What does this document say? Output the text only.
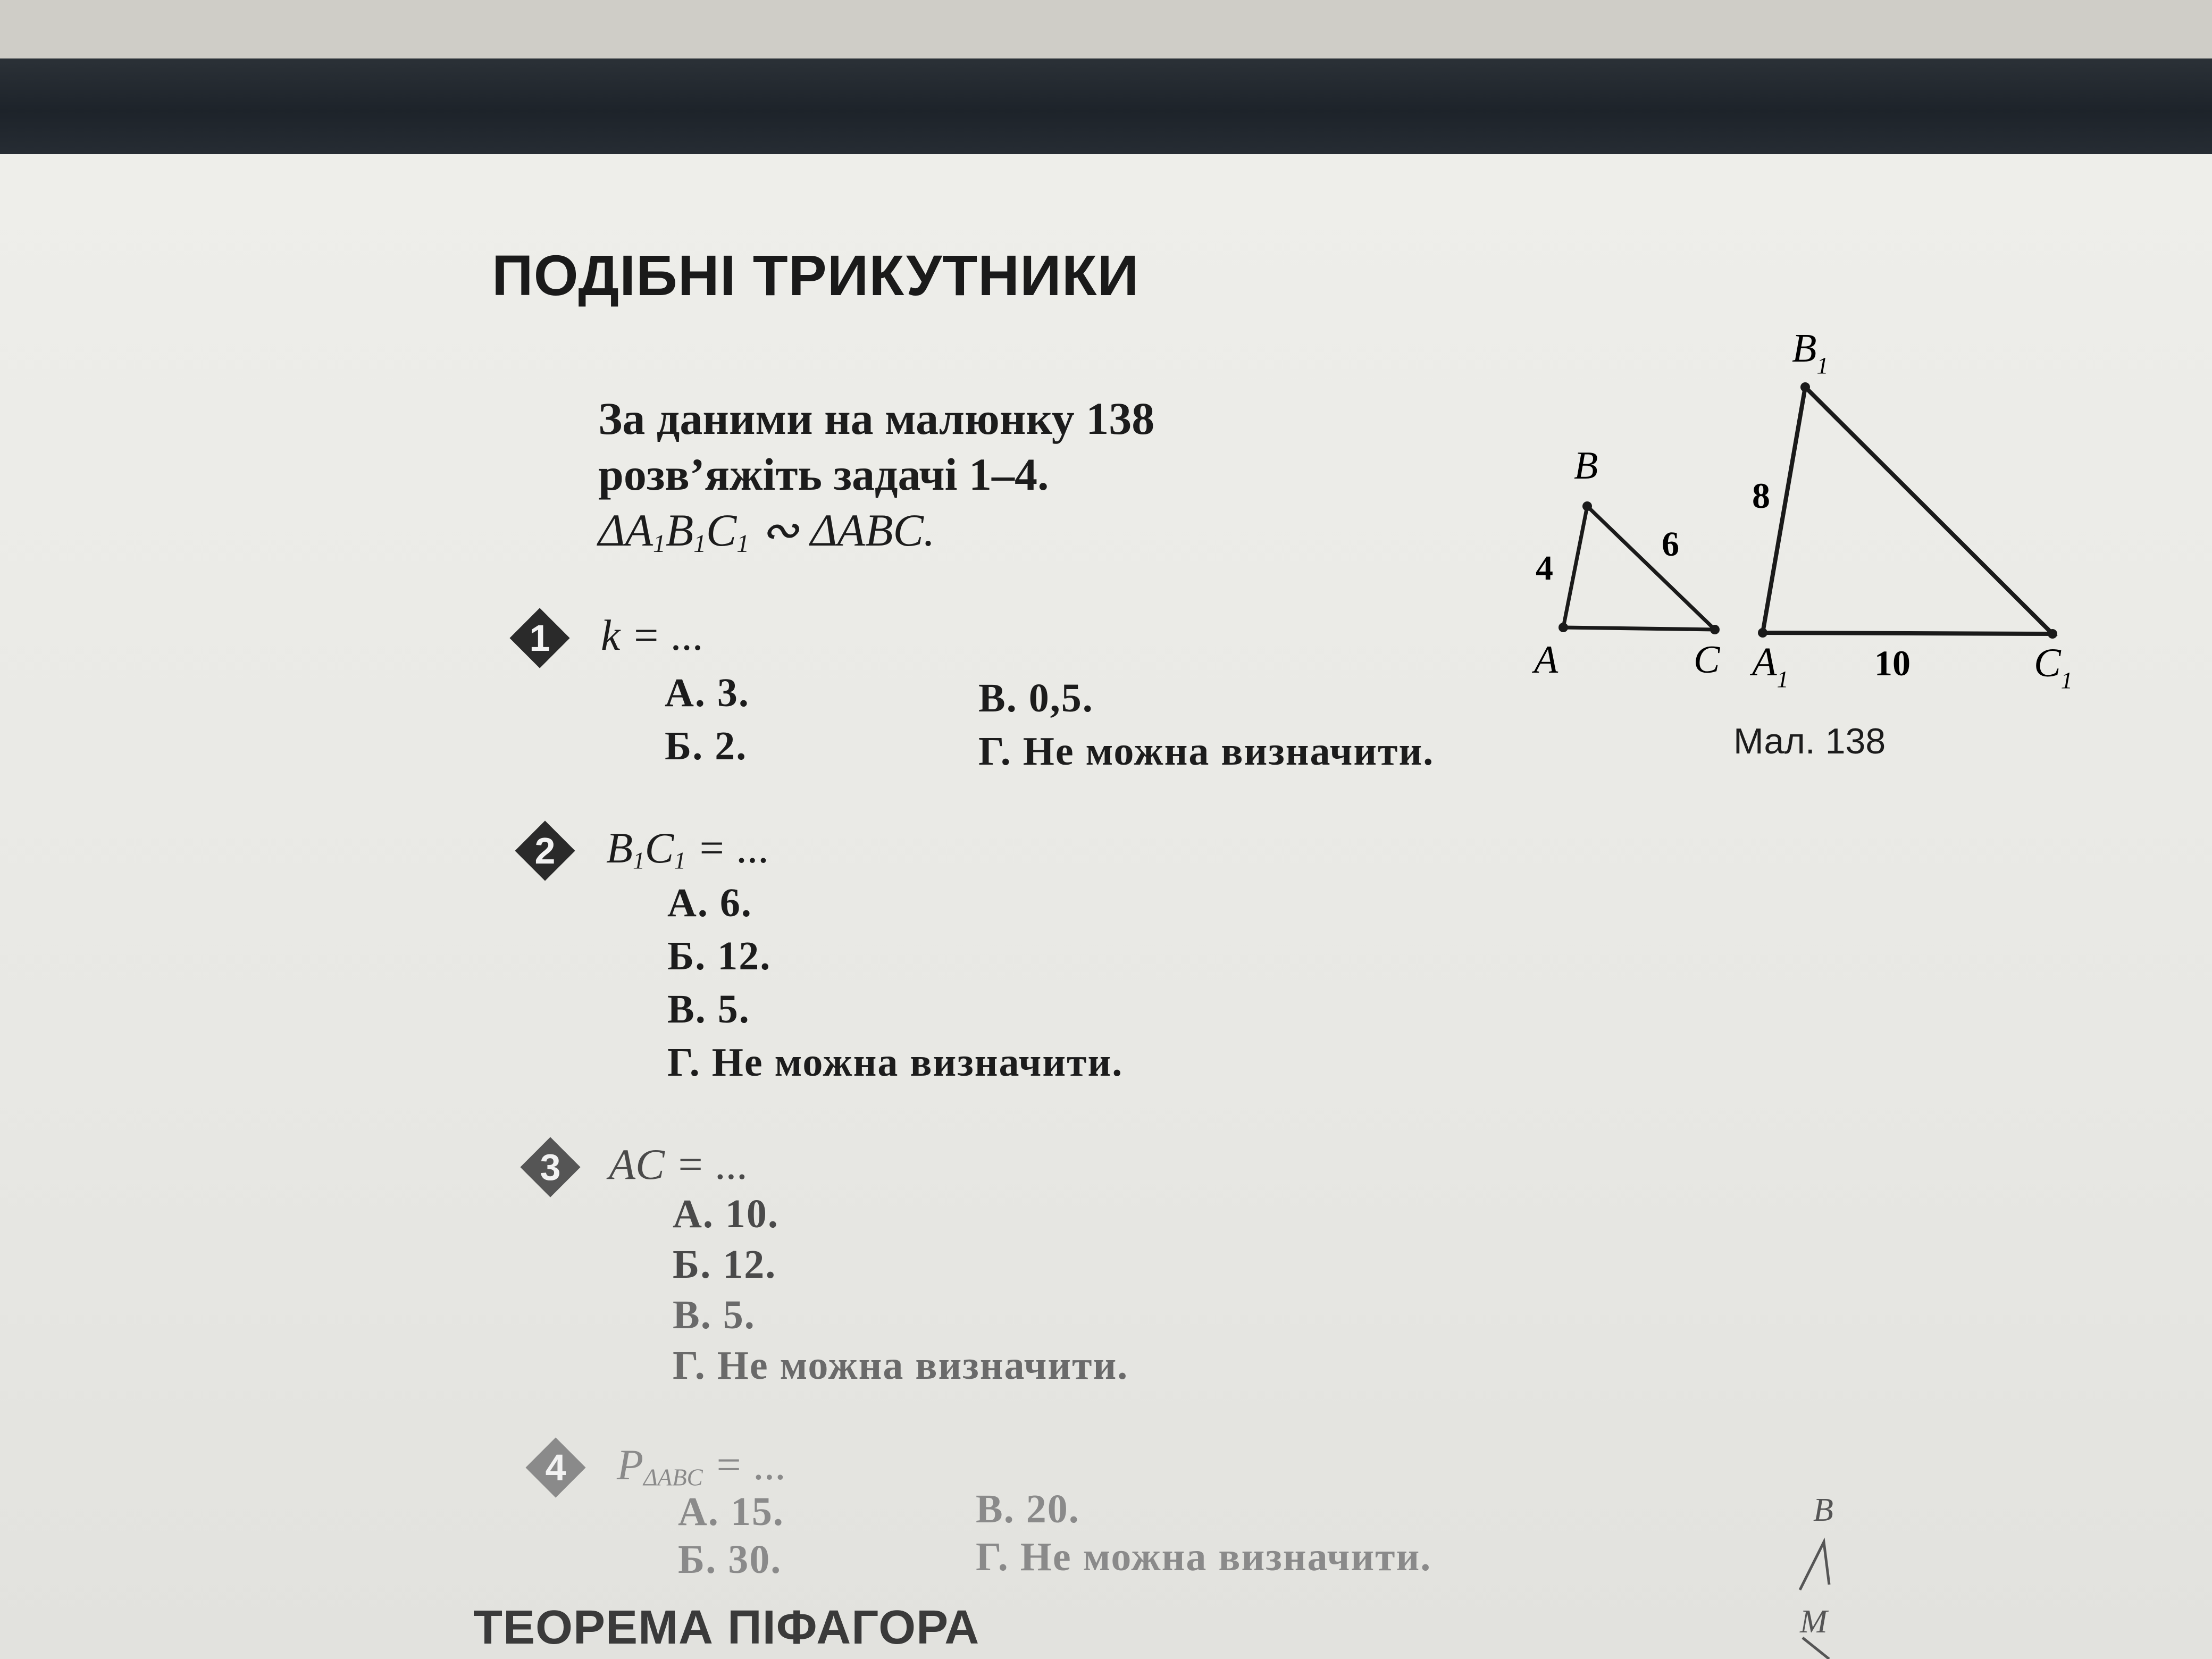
ПОДІБНІ ТРИКУТНИКИ
За даними на малюнку 138
розв’яжіть задачі 1–4.
$\Delta A_1B_1C_1$ ∾ ΔABC.
1	k = ...
А. 3.	В. 0,5.
Б. 2.	Г. Не можна визначити.
2	$B_1C_1$ = ...
А. 6.
Б. 12.
В. 5.
Г. Не можна визначити.
3	AC = ...
А. 10.
Б. 12.
В. 5.
Г. Не можна визначити.
4	$P_{\Delta ABC}$ = ...
А. 15.	В. 20.
Б. 30.	Г. Не можна визначити.
ТЕОРЕМА ПІФАГОРА
B
A	C
4
6
$B_1$
$A_1$	$C_1$
8
10
Мал. 138
B
M
